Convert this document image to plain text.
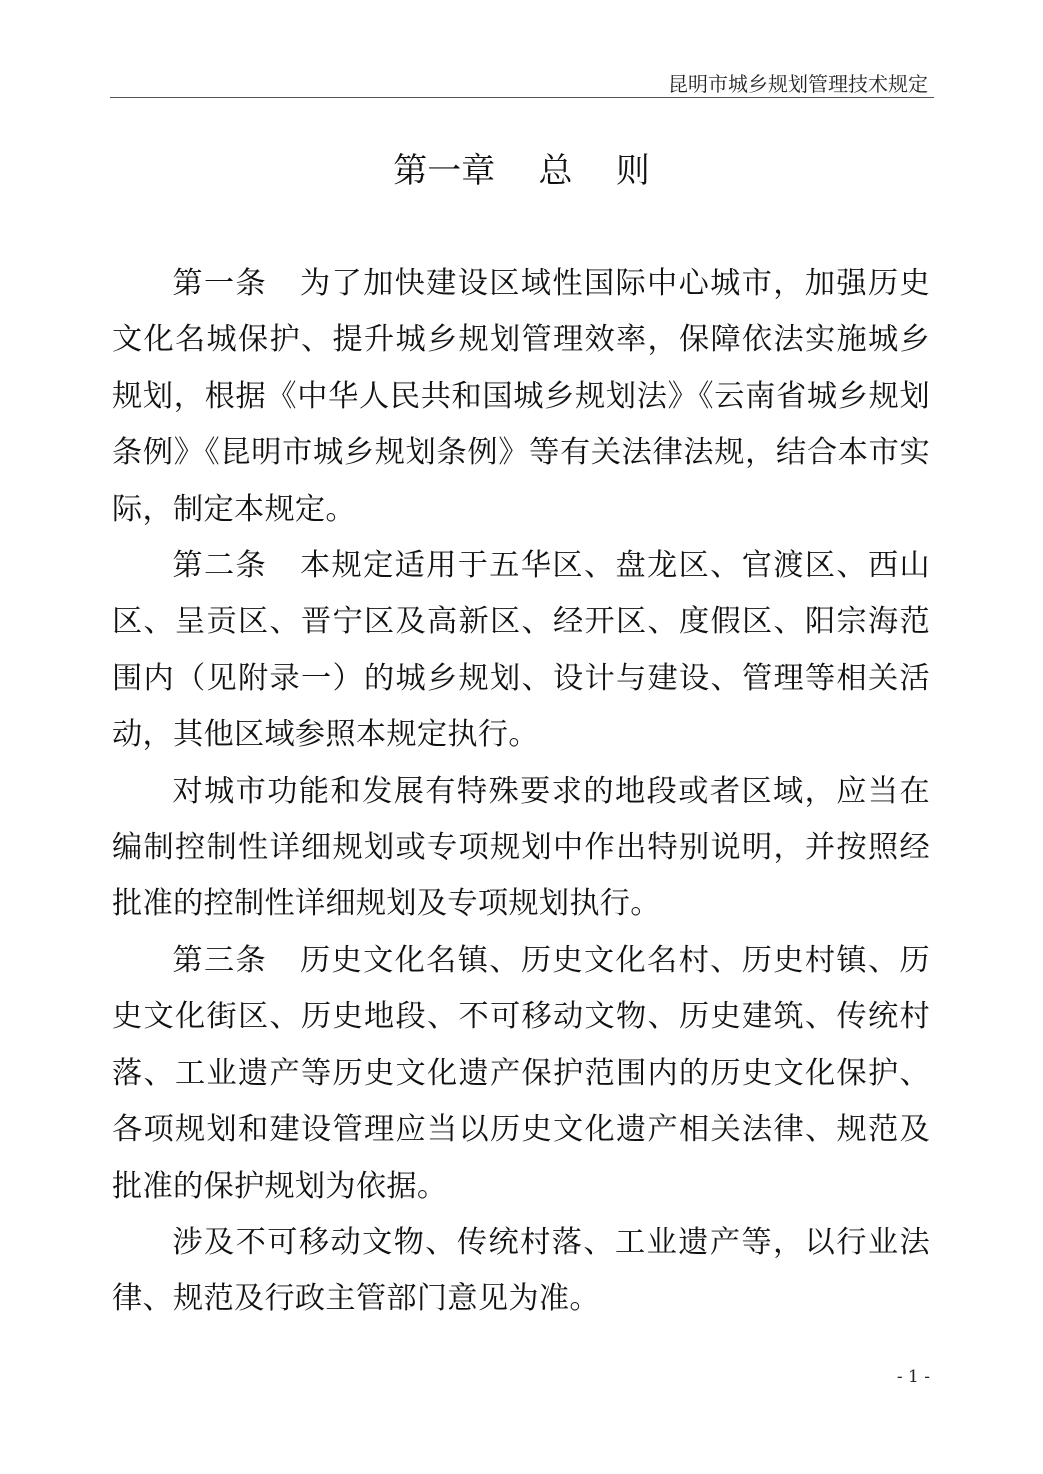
昆明市城乡规划管理技术规定
第一章    总    则

第一条   为了加快建设区域性国际中心城市，加强历史文化名城保护、提升城乡规划管理效率，保障依法实施城乡规划，根据《中华人民共和国城乡规划法》《云南省城乡规划条例》《昆明市城乡规划条例》等有关法律法规，结合本市实际，制定本规定。

第二条   本规定适用于五华区、盘龙区、官渡区、西山区、呈贡区、晋宁区及高新区、经开区、度假区、阳宗海范围内（见附录一）的城乡规划、设计与建设、管理等相关活动，其他区域参照本规定执行。

对城市功能和发展有特殊要求的地段或者区域，应当在编制控制性详细规划或专项规划中作出特别说明，并按照经批准的控制性详细规划及专项规划执行。

第三条   历史文化名镇、历史文化名村、历史村镇、历史文化街区、历史地段、不可移动文物、历史建筑、传统村落、工业遗产等历史文化遗产保护范围内的历史文化保护、各项规划和建设管理应当以历史文化遗产相关法律、规范及批准的保护规划为依据。

涉及不可移动文物、传统村落、工业遗产等，以行业法律、规范及行政主管部门意见为准。

- 1 -
